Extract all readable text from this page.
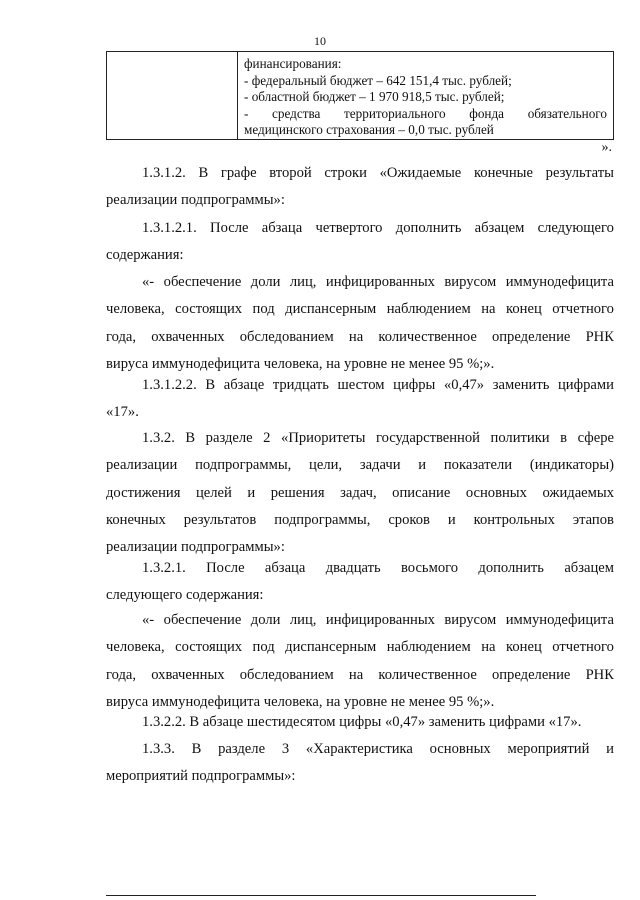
10
финансирования:
- федеральный бюджет – 642 151,4 тыс. рублей;
- областной бюджет – 1 970 918,5 тыс. рублей;
- средства территориального фонда обязательного
медицинского страхования – 0,0 тыс. рублей
».
1.3.1.2. В графе второй строки «Ожидаемые конечные результаты
реализации подпрограммы»:
1.3.1.2.1. После абзаца четвертого дополнить абзацем следующего
содержания:
«- обеспечение доли лиц, инфицированных вирусом иммунодефицита
человека, состоящих под диспансерным наблюдением на конец отчетного
года, охваченных обследованием на количественное определение РНК
вируса иммунодефицита человека, на уровне не менее 95 %;».
1.3.1.2.2. В абзаце тридцать шестом цифры «0,47» заменить цифрами
«17».
1.3.2. В разделе 2 «Приоритеты государственной политики в сфере
реализации подпрограммы, цели, задачи и показатели (индикаторы)
достижения целей и решения задач, описание основных ожидаемых
конечных результатов подпрограммы, сроков и контрольных этапов
реализации подпрограммы»:
1.3.2.1. После абзаца двадцать восьмого дополнить абзацем
следующего содержания:
«- обеспечение доли лиц, инфицированных вирусом иммунодефицита
человека, состоящих под диспансерным наблюдением на конец отчетного
года, охваченных обследованием на количественное определение РНК
вируса иммунодефицита человека, на уровне не менее 95 %;».
1.3.2.2. В абзаце шестидесятом цифры «0,47» заменить цифрами «17».
1.3.3. В разделе 3 «Характеристика основных мероприятий и
мероприятий подпрограммы»:
